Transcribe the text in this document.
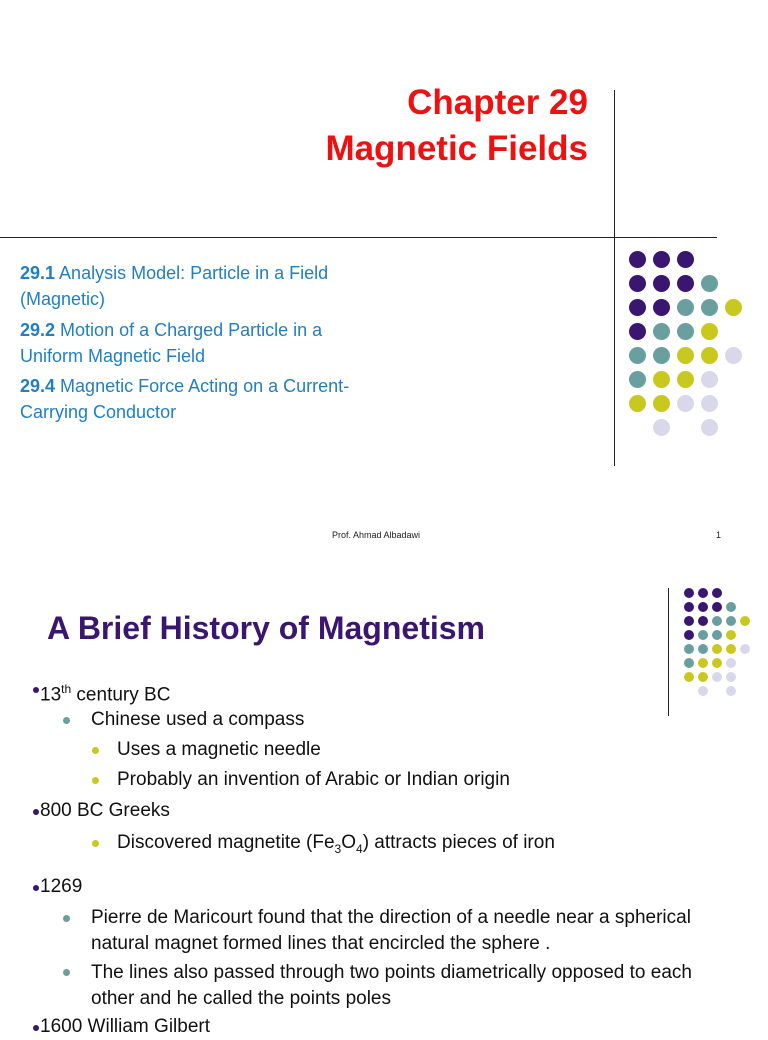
Chapter 29
Magnetic Fields
29.1 Analysis Model: Particle in a Field
(Magnetic)
29.2 Motion of a Charged Particle in a
Uniform Magnetic Field
29.4 Magnetic Force Acting on a Current-
Carrying Conductor
Prof. Ahmad Albadawi	1
A Brief History of Magnetism
13th century BC
Chinese used a compass
Uses a magnetic needle
Probably an invention of Arabic or Indian origin
800 BC Greeks
Discovered magnetite $(Fe_3O_4)$ attracts pieces of iron
1269
Pierre de Maricourt found that the direction of a needle near a spherical natural magnet formed lines that encircled the sphere .
The lines also passed through two points diametrically opposed to each other and he called the points poles
1600 William Gilbert
